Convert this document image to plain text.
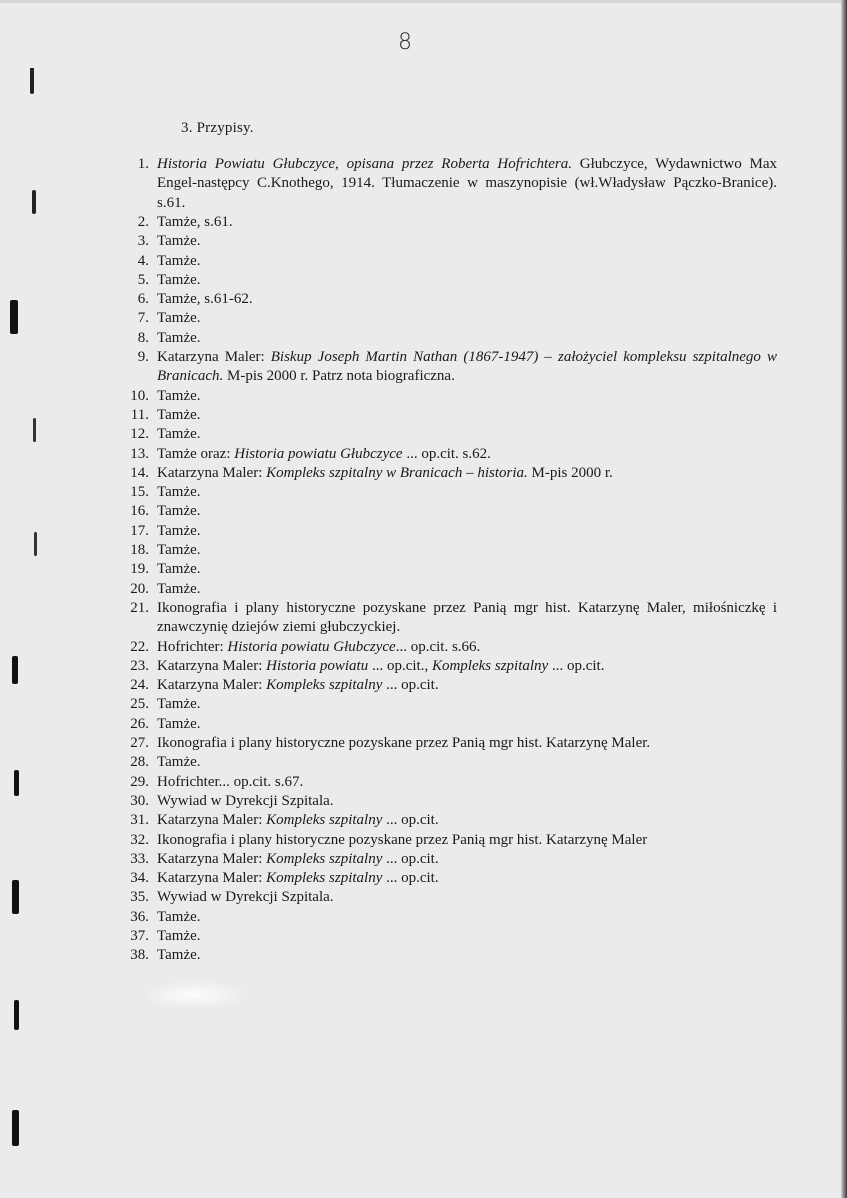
8
3. Przypisy.
1. Historia Powiatu Głubczyce, opisana przez Roberta Hofrichtera. Głubczyce, Wydawnictwo Max Engel-następcy C.Knothego, 1914. Tłumaczenie w maszynopisie (wł.Władysław Pączko-Branice). s.61.
2. Tamże, s.61.
3. Tamże.
4. Tamże.
5. Tamże.
6. Tamże, s.61-62.
7. Tamże.
8. Tamże.
9. Katarzyna Maler: Biskup Joseph Martin Nathan (1867-1947) – założyciel kompleksu szpitalnego w Branicach. M-pis 2000 r. Patrz nota biograficzna.
10. Tamże.
11. Tamże.
12. Tamże.
13. Tamże oraz: Historia powiatu Głubczyce ... op.cit. s.62.
14. Katarzyna Maler: Kompleks szpitalny w Branicach – historia. M-pis 2000 r.
15. Tamże.
16. Tamże.
17. Tamże.
18. Tamże.
19. Tamże.
20. Tamże.
21. Ikonografia i plany historyczne pozyskane przez Panią mgr hist. Katarzynę Maler, miłośniczkę i znawczynię dziejów ziemi głubczyckiej.
22. Hofrichter: Historia powiatu Głubczyce... op.cit. s.66.
23. Katarzyna Maler: Historia powiatu ... op.cit., Kompleks szpitalny ... op.cit.
24. Katarzyna Maler: Kompleks szpitalny ... op.cit.
25. Tamże.
26. Tamże.
27. Ikonografia i plany historyczne pozyskane przez Panią mgr hist. Katarzynę Maler.
28. Tamże.
29. Hofrichter... op.cit. s.67.
30. Wywiad w Dyrekcji Szpitala.
31. Katarzyna Maler: Kompleks szpitalny ... op.cit.
32. Ikonografia i plany historyczne pozyskane przez Panią mgr hist. Katarzynę Maler
33. Katarzyna Maler: Kompleks szpitalny ... op.cit.
34. Katarzyna Maler: Kompleks szpitalny ... op.cit.
35. Wywiad w Dyrekcji Szpitala.
36. Tamże.
37. Tamże.
38. Tamże.
